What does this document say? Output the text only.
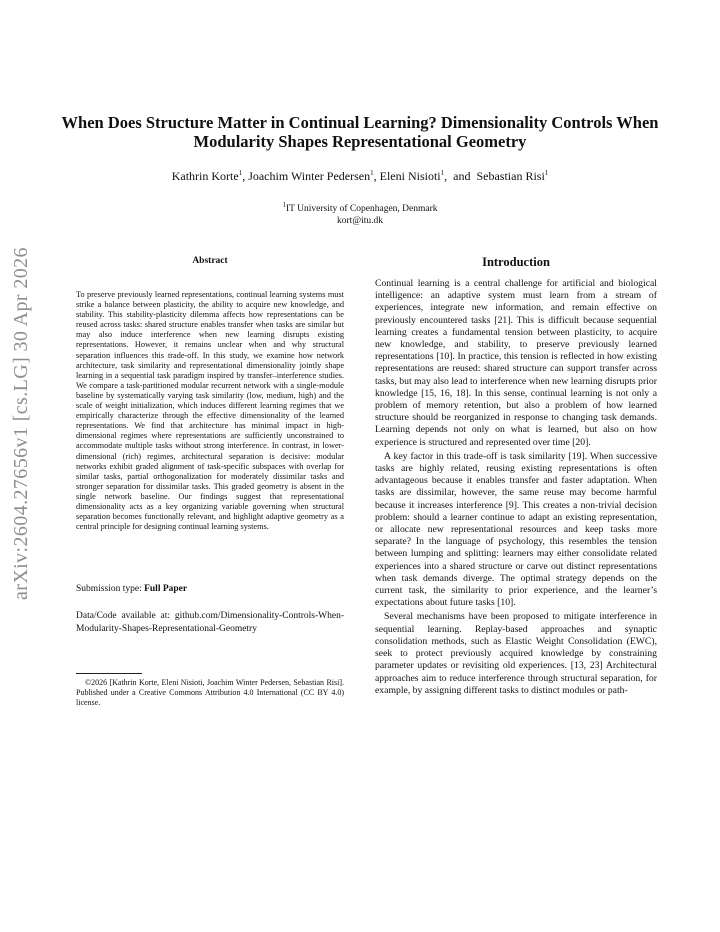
arXiv:2604.27656v1 [cs.LG] 30 Apr 2026
When Does Structure Matter in Continual Learning? Dimensionality Controls When Modularity Shapes Representational Geometry
Kathrin Korte$^1$, Joachim Winter Pedersen$^1$, Eleni Nisioti$^1$,  and  Sebastian Risi$^1$
$^1$IT University of Copenhagen, Denmark
kort@itu.dk
Abstract

To preserve previously learned representations, continual learning systems must strike a balance between plasticity, the ability to acquire new knowledge, and stability. This stability-plasticity dilemma affects how representations can be reused across tasks: shared structure enables transfer when tasks are similar but may also induce interference when new learning disrupts existing representations. However, it remains unclear when and why structural separation influences this trade-off. In this study, we examine how network architecture, task similarity and representational dimensionality jointly shape learning in a sequential task paradigm inspired by transfer–interference studies. We compare a task-partitioned modular recurrent network with a single-module baseline by systematically varying task similarity (low, medium, high) and the scale of weight initialization, which induces different learning regimes that we empirically characterize through the effective dimensionality of the learned representations. We find that architecture has minimal impact in high-dimensional regimes where representations are sufficiently unconstrained to accommodate multiple tasks without strong interference. In contrast, in lower-dimensional (rich) regimes, architectural separation is decisive: modular networks exhibit graded alignment of task-specific subspaces with overlap for similar tasks, partial orthogonalization for moderately dissimilar tasks and stronger separation for dissimilar tasks. This graded geometry is absent in the single network baseline. Our findings suggest that representational dimensionality acts as a key organizing variable governing when structural separation becomes functionally relevant, and highlight adaptive geometry as a central principle for designing continual learning systems.

Submission type: Full Paper

Data/Code available at: github.com/Dimensionality-Controls-When-Modularity-Shapes-Representational-Geometry

©2026 [Kathrin Korte, Eleni Nisioti, Joachim Winter Pedersen, Sebastian Risi]. Published under a Creative Commons Attribution 4.0 International (CC BY 4.0) license.

Introduction

Continual learning is a central challenge for artificial and biological intelligence: an adaptive system must learn from a stream of experiences, integrate new information, and remain effective on previously encountered tasks [21]. This is difficult because sequential learning creates a fundamental tension between plasticity, to acquire new knowledge, and stability, to preserve previously learned representations [10]. In practice, this tension is reflected in how existing representations are reused: shared structure can support transfer across tasks, but may also lead to interference when new learning disrupts prior knowledge [15, 16, 18]. In this sense, continual learning is not only a problem of memory retention, but also a problem of how learned structure should be reorganized in response to changing task demands. Learning depends not only on what is learned, but also on how experience is structured and represented over time [20].

A key factor in this trade-off is task similarity [19]. When successive tasks are highly related, reusing existing representations is often advantageous because it enables transfer and faster adaptation. When tasks are dissimilar, however, the same reuse may become harmful because it increases interference [9]. This creates a non-trivial decision problem: should a learner continue to adapt an existing representation, or allocate new representational resources and keep tasks more separate? In the language of psychology, this resembles the tension between lumping and splitting: learners may either consolidate related experiences into a shared structure or carve out distinct representations when task demands diverge. The optimal strategy depends on the current task, the similarity to prior experience, and the learner’s expectations about future tasks [10].

Several mechanisms have been proposed to mitigate interference in sequential learning. Replay-based approaches and synaptic consolidation methods, such as Elastic Weight Consolidation (EWC), seek to protect previously acquired knowledge by constraining parameter updates or revisiting old experiences. [13, 23] Architectural approaches aim to reduce interference through structural separation, for example, by assigning different tasks to distinct modules or path-
